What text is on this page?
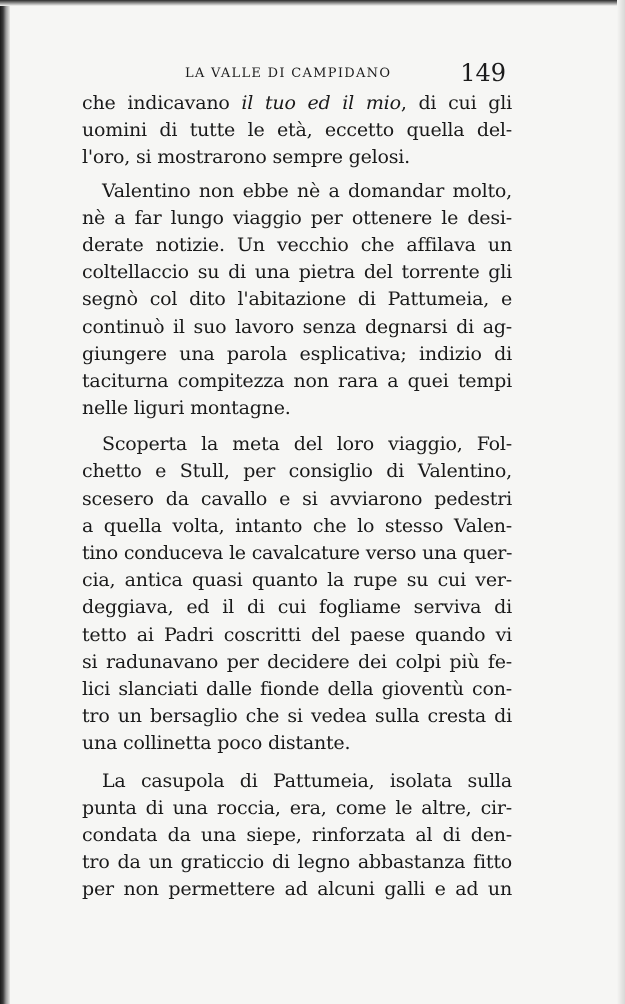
LA VALLE DI CAMPIDANO	149
che indicavano il tuo ed il mio, di cui gli
uomini di tutte le età, eccetto quella del-
l'oro, si mostrarono sempre gelosi.
Valentino non ebbe nè a domandar molto,
nè a far lungo viaggio per ottenere le desi-
derate notizie. Un vecchio che affilava un
coltellaccio su di una pietra del torrente gli
segnò col dito l'abitazione di Pattumeia, e
continuò il suo lavoro senza degnarsi di ag-
giungere una parola esplicativa; indizio di
taciturna compitezza non rara a quei tempi
nelle liguri montagne.
Scoperta la meta del loro viaggio, Fol-
chetto e Stull, per consiglio di Valentino,
scesero da cavallo e si avviarono pedestri
a quella volta, intanto che lo stesso Valen-
tino conduceva le cavalcature verso una quer-
cia, antica quasi quanto la rupe su cui ver-
deggiava, ed il di cui fogliame serviva di
tetto ai Padri coscritti del paese quando vi
si radunavano per decidere dei colpi più fe-
lici slanciati dalle fionde della gioventù con-
tro un bersaglio che si vedea sulla cresta di
una collinetta poco distante.
La casupola di Pattumeia, isolata sulla
punta di una roccia, era, come le altre, cir-
condata da una siepe, rinforzata al di den-
tro da un graticcio di legno abbastanza fitto
per non permettere ad alcuni galli e ad un
